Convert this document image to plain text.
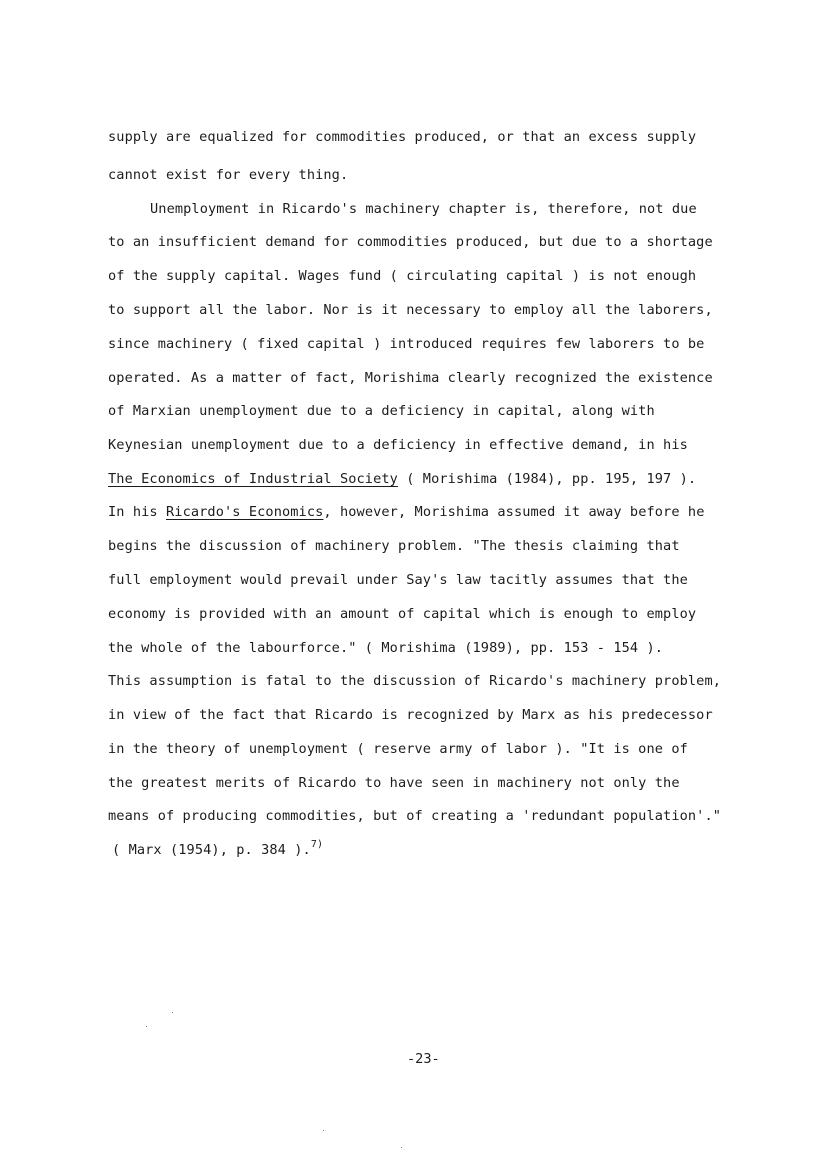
supply are equalized for commodities produced, or that an excess supply
cannot exist for every thing.
Unemployment in Ricardo's machinery chapter is, therefore, not due
to an insufficient demand for commodities produced, but due to a shortage
of the supply capital. Wages fund ( circulating capital ) is not enough
to support all the labor. Nor is it necessary to employ all the laborers,
since machinery ( fixed capital ) introduced requires few laborers to be
operated. As a matter of fact, Morishima clearly recognized the existence
of Marxian unemployment due to a deficiency in capital, along with
Keynesian unemployment due to a deficiency in effective demand, in his
The Economics of Industrial Society ( Morishima (1984), pp. 195, 197 ).
In his Ricardo's Economics, however, Morishima assumed it away before he
begins the discussion of machinery problem. "The thesis claiming that
full employment would prevail under Say's law tacitly assumes that the
economy is provided with an amount of capital which is enough to employ
the whole of the labourforce." ( Morishima (1989), pp. 153 - 154 ).
This assumption is fatal to the discussion of Ricardo's machinery problem,
in view of the fact that Ricardo is recognized by Marx as his predecessor
in the theory of unemployment ( reserve army of labor ). "It is one of
the greatest merits of Ricardo to have seen in machinery not only the
means of producing commodities, but of creating a 'redundant population'."
( Marx (1954), p. 384 ).$^{7)}$
-23-
